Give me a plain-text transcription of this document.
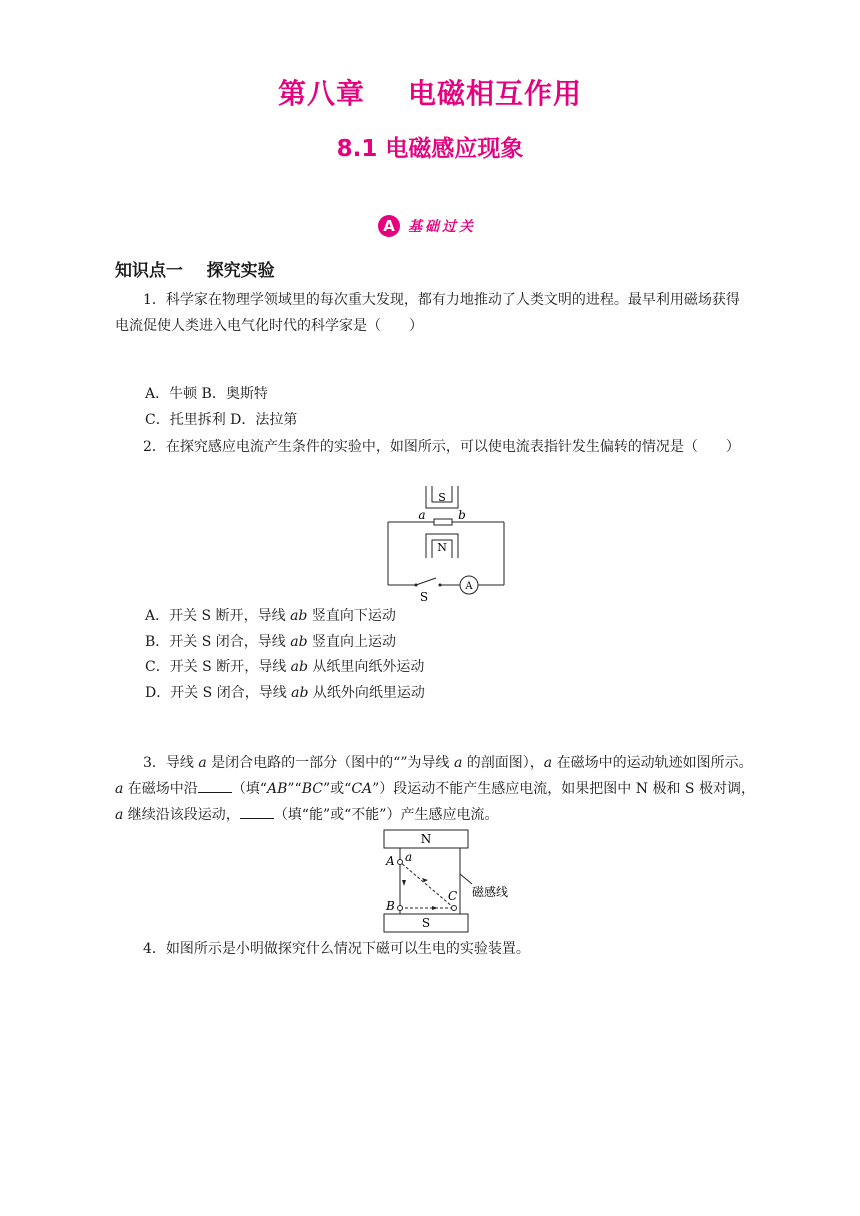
第八章    电磁相互作用
8.1 电磁感应现象
A 基础过关
知识点一    探究实验
1．科学家在物理学领域里的每次重大发现，都有力地推动了人类文明的进程。最早利用磁场获得电流促使人类进入电气化时代的科学家是（　　）
A．牛顿 B．奥斯特
C．托里拆利 D．法拉第
2．在探究感应电流产生条件的实验中，如图所示，可以使电流表指针发生偏转的情况是（　　）
S
a	b
N
A
S
A．开关 S 断开，导线 ab 竖直向下运动
B．开关 S 闭合，导线 ab 竖直向上运动
C．开关 S 断开，导线 ab 从纸里向纸外运动
D．开关 S 闭合，导线 ab 从纸外向纸里运动
3．导线 a 是闭合电路的一部分（图中的“”为导线 a 的剖面图），a 在磁场中的运动轨迹如图所示。a 在磁场中沿 （填“AB”“BC”或“CA”）段运动不能产生感应电流，如果把图中 N 极和 S 极对调，a 继续沿该段运动， （填“能”或“不能”）产生感应电流。
N
S
A a
B
C 磁感线
4．如图所示是小明做探究什么情况下磁可以生电的实验装置。
